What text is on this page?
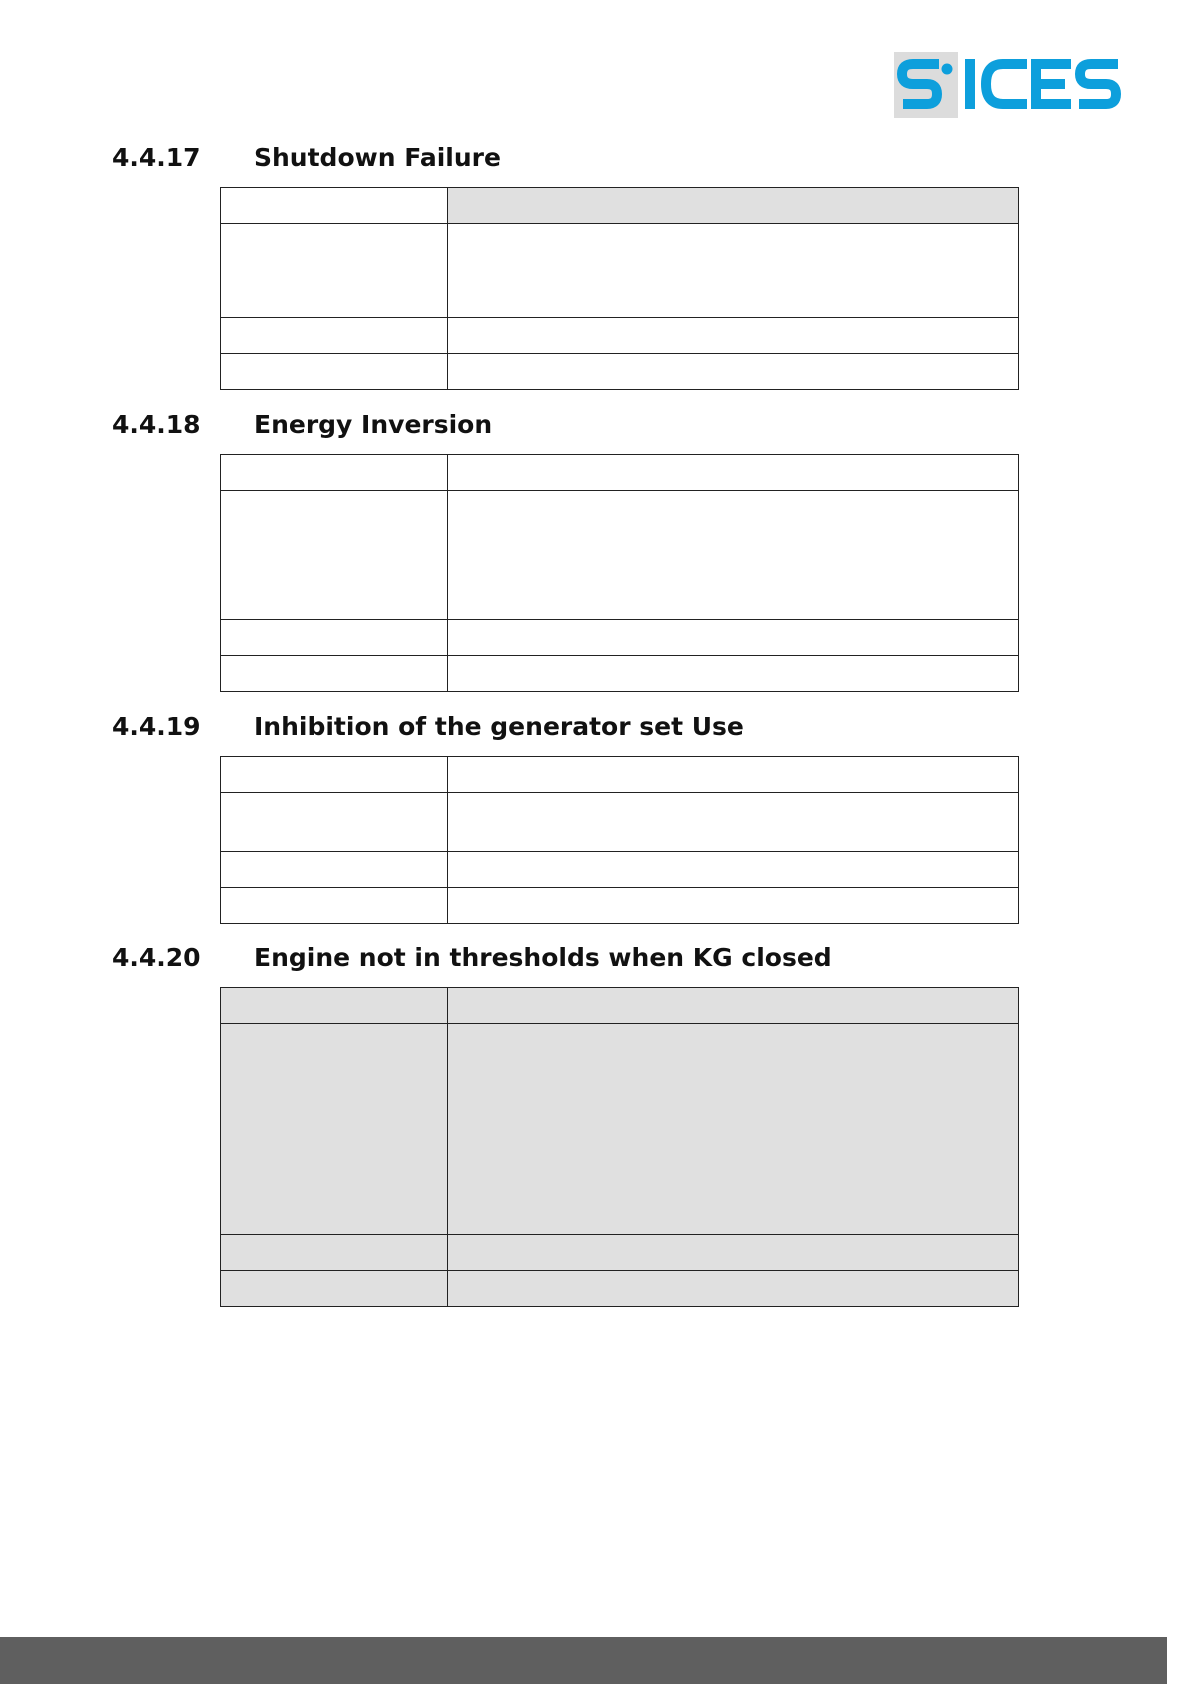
4.4.17 Shutdown Failure

4.4.18 Energy Inversion

4.4.19 Inhibition of the generator set Use

4.4.20 Engine not in thresholds when KG closed
